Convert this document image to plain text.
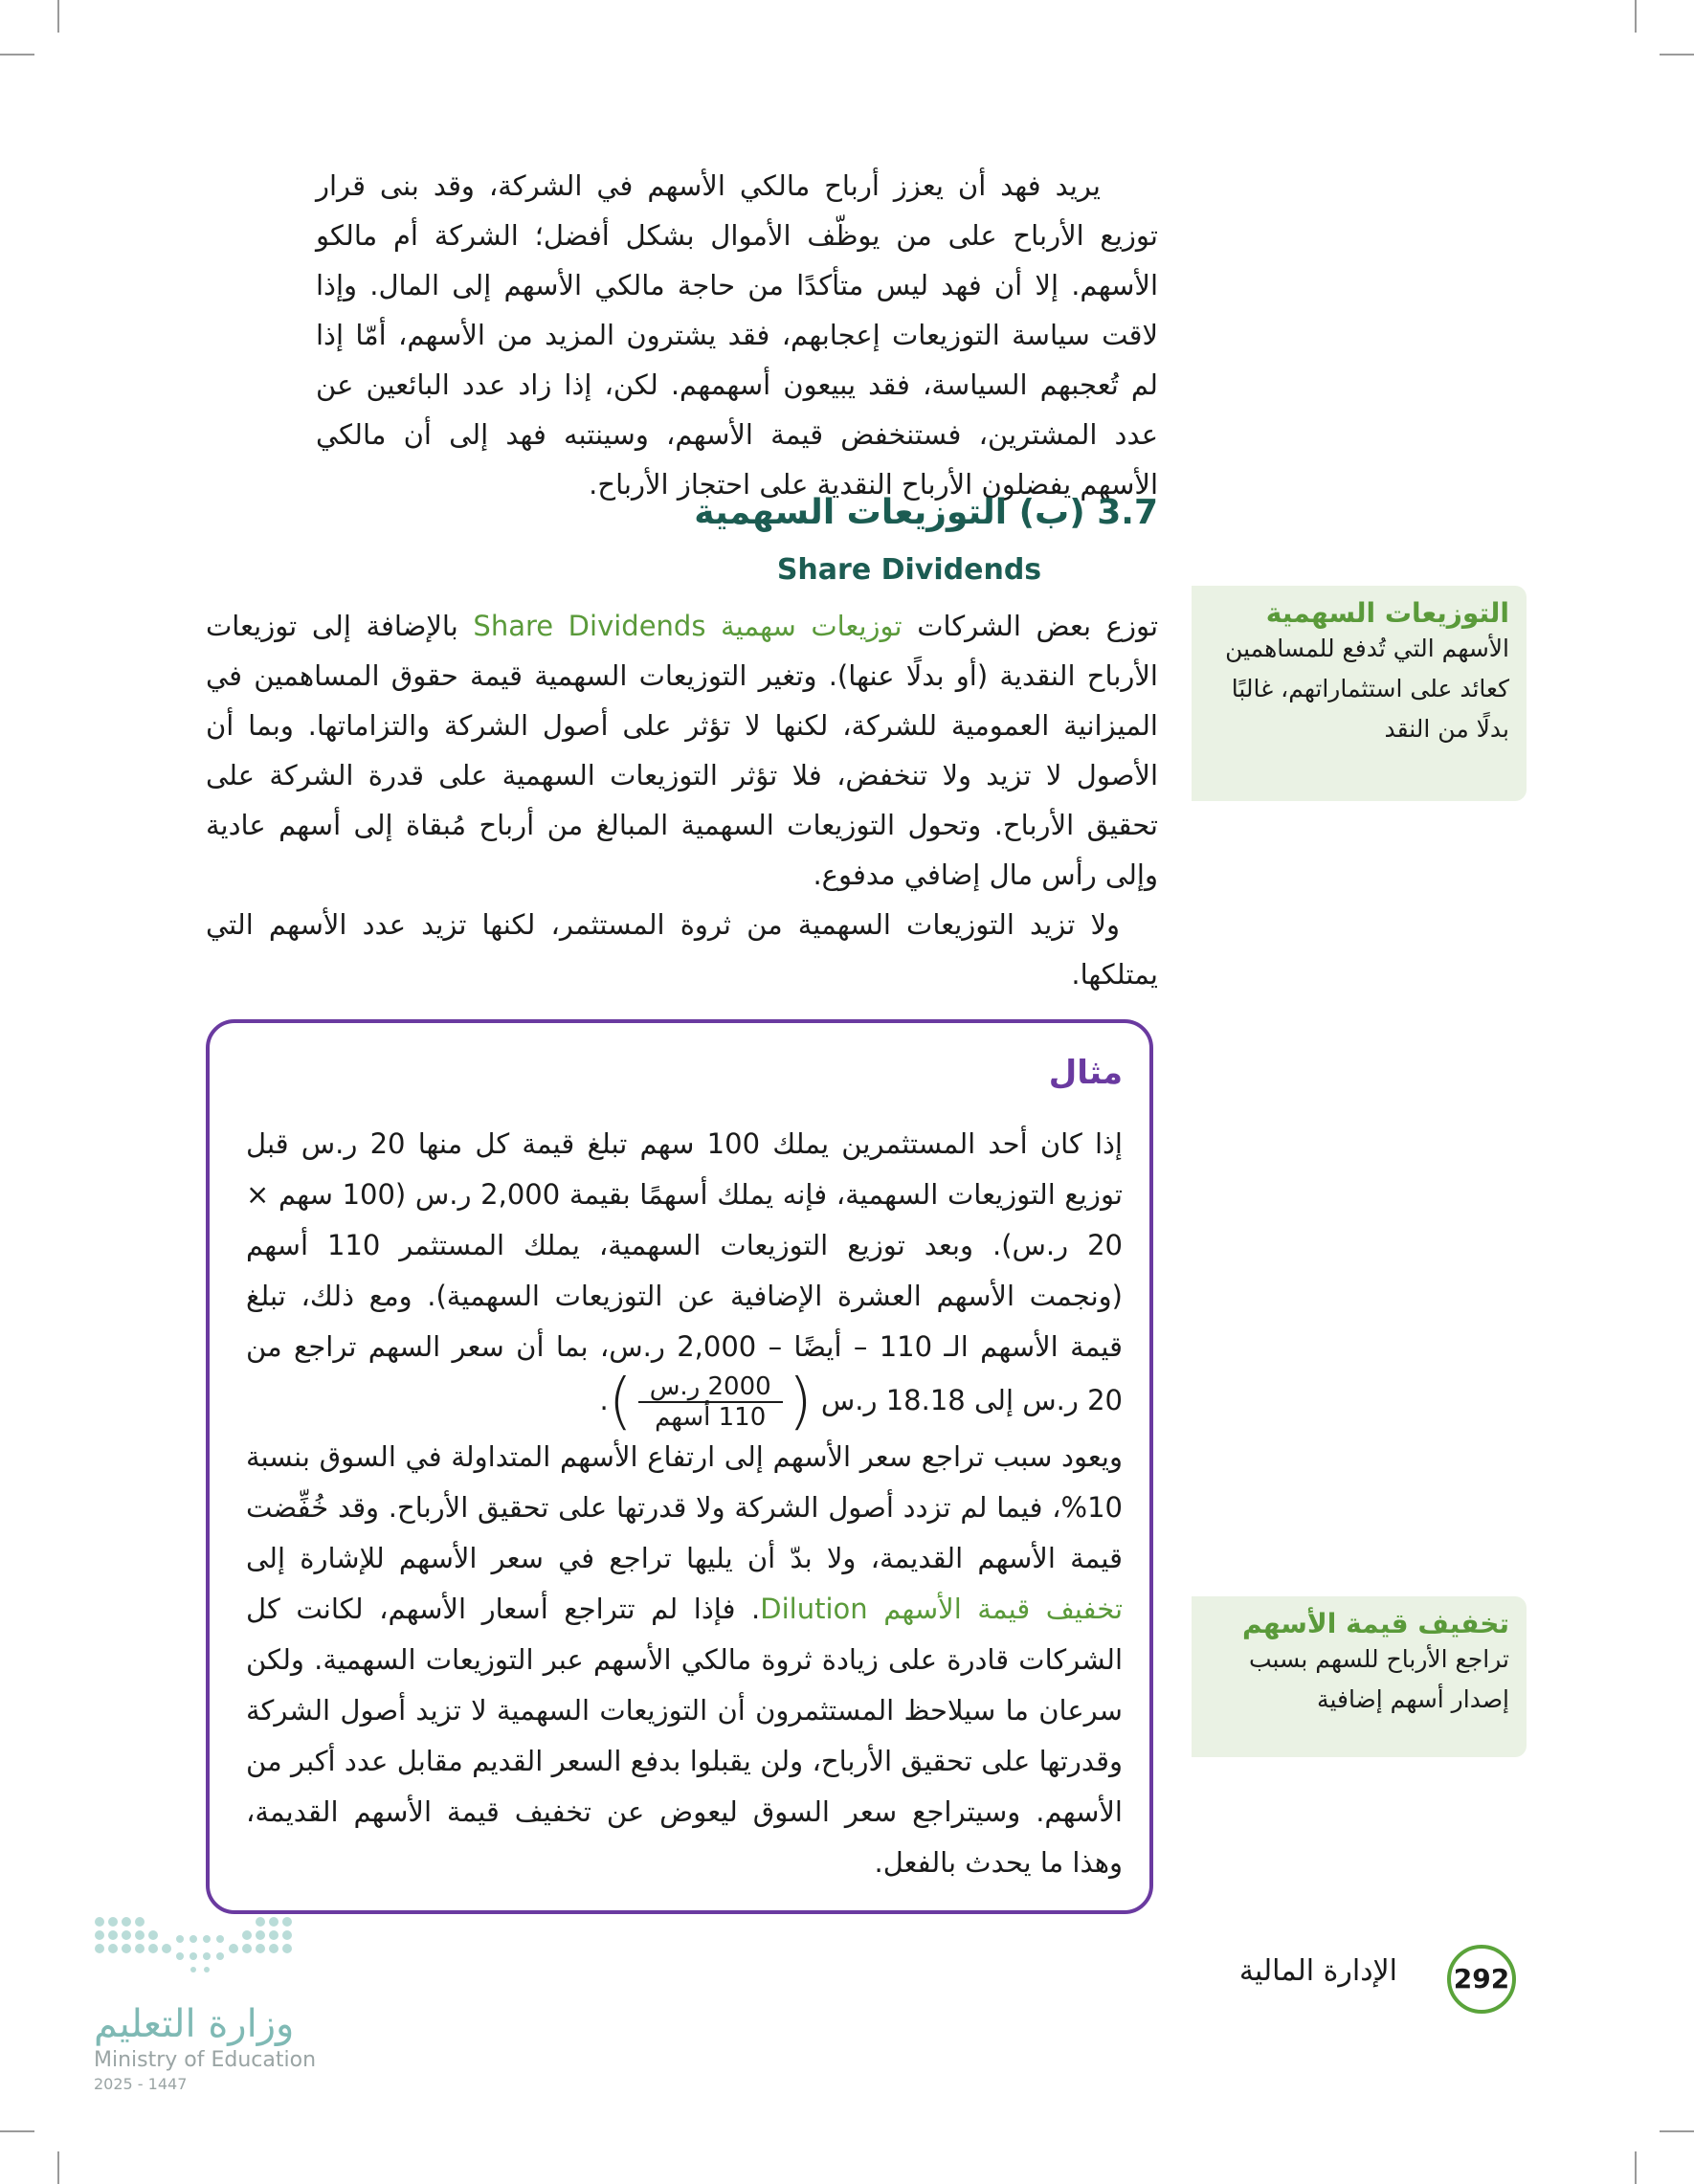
يريد فهد أن يعزز أرباح مالكي الأسهم في الشركة، وقد بنى قرار توزيع الأرباح على من يوظّف الأموال بشكل أفضل؛ الشركة أم مالكو الأسهم. إلا أن فهد ليس متأكدًا من حاجة مالكي الأسهم إلى المال. وإذا لاقت سياسة التوزيعات إعجابهم، فقد يشترون المزيد من الأسهم، أمّا إذا لم تُعجبهم السياسة، فقد يبيعون أسهمهم. لكن، إذا زاد عدد البائعين عن عدد المشترين، فستنخفض قيمة الأسهم، وسينتبه فهد إلى أن مالكي الأسهم يفضلون الأرباح النقدية على احتجاز الأرباح.

3.7 (ب) التوزيعات السهمية
Share Dividends

توزع بعض الشركات توزيعات سهمية Share Dividends بالإضافة إلى توزيعات الأرباح النقدية (أو بدلًا عنها). وتغير التوزيعات السهمية قيمة حقوق المساهمين في الميزانية العمومية للشركة، لكنها لا تؤثر على أصول الشركة والتزاماتها. وبما أن الأصول لا تزيد ولا تنخفض، فلا تؤثر التوزيعات السهمية على قدرة الشركة على تحقيق الأرباح. وتحول التوزيعات السهمية المبالغ من أرباح مُبقاة إلى أسهم عادية وإلى رأس مال إضافي مدفوع.

ولا تزيد التوزيعات السهمية من ثروة المستثمر، لكنها تزيد عدد الأسهم التي يمتلكها.

التوزيعات السهمية
الأسهم التي تُدفع للمساهمين كعائد على استثماراتهم، غالبًا بدلًا من النقد
مثال

إذا كان أحد المستثمرين يملك 100 سهم تبلغ قيمة كل منها 20 ر.س قبل توزيع التوزيعات السهمية، فإنه يملك أسهمًا بقيمة 2,000 ر.س (100 سهم × 20 ر.س). وبعد توزيع التوزيعات السهمية، يملك المستثمر 110 أسهم (ونجمت الأسهم العشرة الإضافية عن التوزيعات السهمية). ومع ذلك، تبلغ قيمة الأسهم الـ 110 – أيضًا – 2,000 ر.س، بما أن سعر السهم تراجع من 20 ر.س إلى 18.18 ر.س (
$\frac{\text{2000 ر.س}}{\text{110 أسهم}}$
).

ويعود سبب تراجع سعر الأسهم إلى ارتفاع الأسهم المتداولة في السوق بنسبة 10%، فيما لم تزدد أصول الشركة ولا قدرتها على تحقيق الأرباح. وقد خُفِّضت قيمة الأسهم القديمة، ولا بدّ أن يليها تراجع في سعر الأسهم للإشارة إلى تخفيف قيمة الأسهم Dilution. فإذا لم تتراجع أسعار الأسهم، لكانت كل الشركات قادرة على زيادة ثروة مالكي الأسهم عبر التوزيعات السهمية. ولكن سرعان ما سيلاحظ المستثمرون أن التوزيعات السهمية لا تزيد أصول الشركة وقدرتها على تحقيق الأرباح، ولن يقبلوا بدفع السعر القديم مقابل عدد أكبر من الأسهم. وسيتراجع سعر السوق ليعوض عن تخفيف قيمة الأسهم القديمة، وهذا ما يحدث بالفعل.

تخفيف قيمة الأسهم
تراجع الأرباح للسهم بسبب إصدار أسهم إضافية
الإدارة المالية 292
وزارة التعليم
Ministry of Education
2025 - 1447
